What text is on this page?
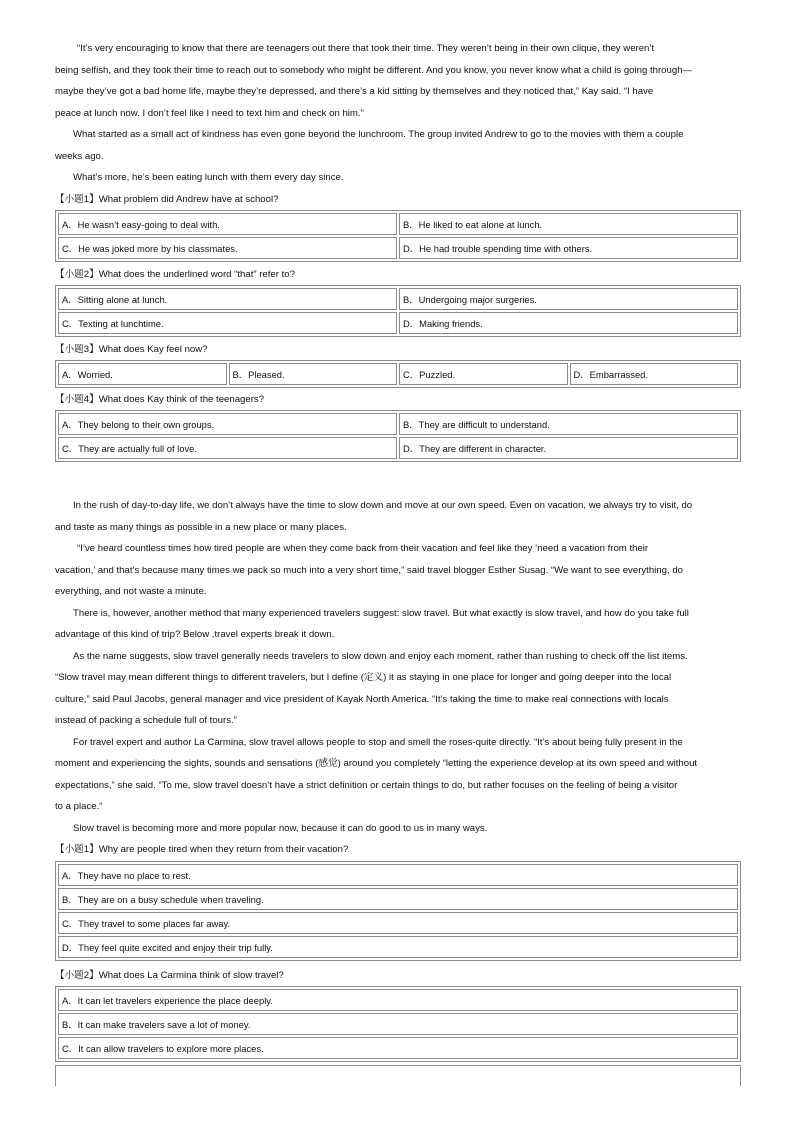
“It’s very encouraging to know that there are teenagers out there that took their time. They weren’t being in their own clique, they weren’t
being selfish, and they took their time to reach out to somebody who might be different. And you know, you never know what a child is going through—
maybe they’ve got a bad home life, maybe they’re depressed, and there’s a kid sitting by themselves and they noticed that,” Kay said. “I have
peace at lunch now. I don’t feel like I need to text him and check on him.”
What started as a small act of kindness has even gone beyond the lunchroom. The group invited Andrew to go to the movies with them a couple
weeks ago.
What’s more, he’s been eating lunch with them every day since.
【小题1】What problem did Andrew have at school?
A．He wasn’t easy-going to deal with.	B．He liked to eat alone at lunch.
C．He was joked more by his classmates.	D．He had trouble spending time with others.
【小题2】What does the underlined word “that” refer to?
A．Sitting alone at lunch.	B．Undergoing major surgeries.
C．Texting at lunchtime.	D．Making friends.
【小题3】What does Kay feel now?
A．Worried.	B．Pleased.	C．Puzzled.	D．Embarrassed.
【小题4】What does Kay think of the teenagers?
A．They belong to their own groups.	B．They are difficult to understand.
C．They are actually full of love.	D．They are different in character.
In the rush of day-to-day life, we don’t always have the time to slow down and move at our own speed. Even on vacation, we always try to visit, do
and taste as many things as possible in a new place or many places.
“I’ve heard countless times how tired people are when they come back from their vacation and feel like they ‘need a vacation from their
vacation,’ and that’s because many times we pack so much into a very short time,” said travel blogger Esther Susag. “We want to see everything, do
everything, and not waste a minute.
There is, however, another method that many experienced travelers suggest: slow travel. But what exactly is slow travel, and how do you take full
advantage of this kind of trip? Below ,travel experts break it down.
As the name suggests, slow travel generally needs travelers to slow down and enjoy each moment, rather than rushing to check off the list items.
“Slow travel may mean different things to different travelers, but I define (定义) it as staying in one place for longer and going deeper into the local
culture,” said Paul Jacobs, general manager and vice president of Kayak North America. “It’s taking the time to make real connections with locals
instead of packing a schedule full of tours.”
For travel expert and author La Carmina, slow travel allows people to stop and smell the roses-quite directly. “It’s about being fully present in the
moment and experiencing the sights, sounds and sensations (感觉) around you completely “letting the experience develop at its own speed and without
expectations,” she said. “To me, slow travel doesn’t have a strict definition or certain things to do, but rather focuses on the feeling of being a visitor
to a place.“
Slow travel is becoming more and more popular now, because it can do good to us in many ways.
【小题1】Why are people tired when they return from their vacation?
A．They have no place to rest.
B．They are on a busy schedule when traveling.
C．They travel to some places far away.
D．They feel quite excited and enjoy their trip fully.
【小题2】What does La Carmina think of slow travel?
A．It can let travelers experience the place deeply.
B．It can make travelers save a lot of money.
C．It can allow travelers to explore more places.
